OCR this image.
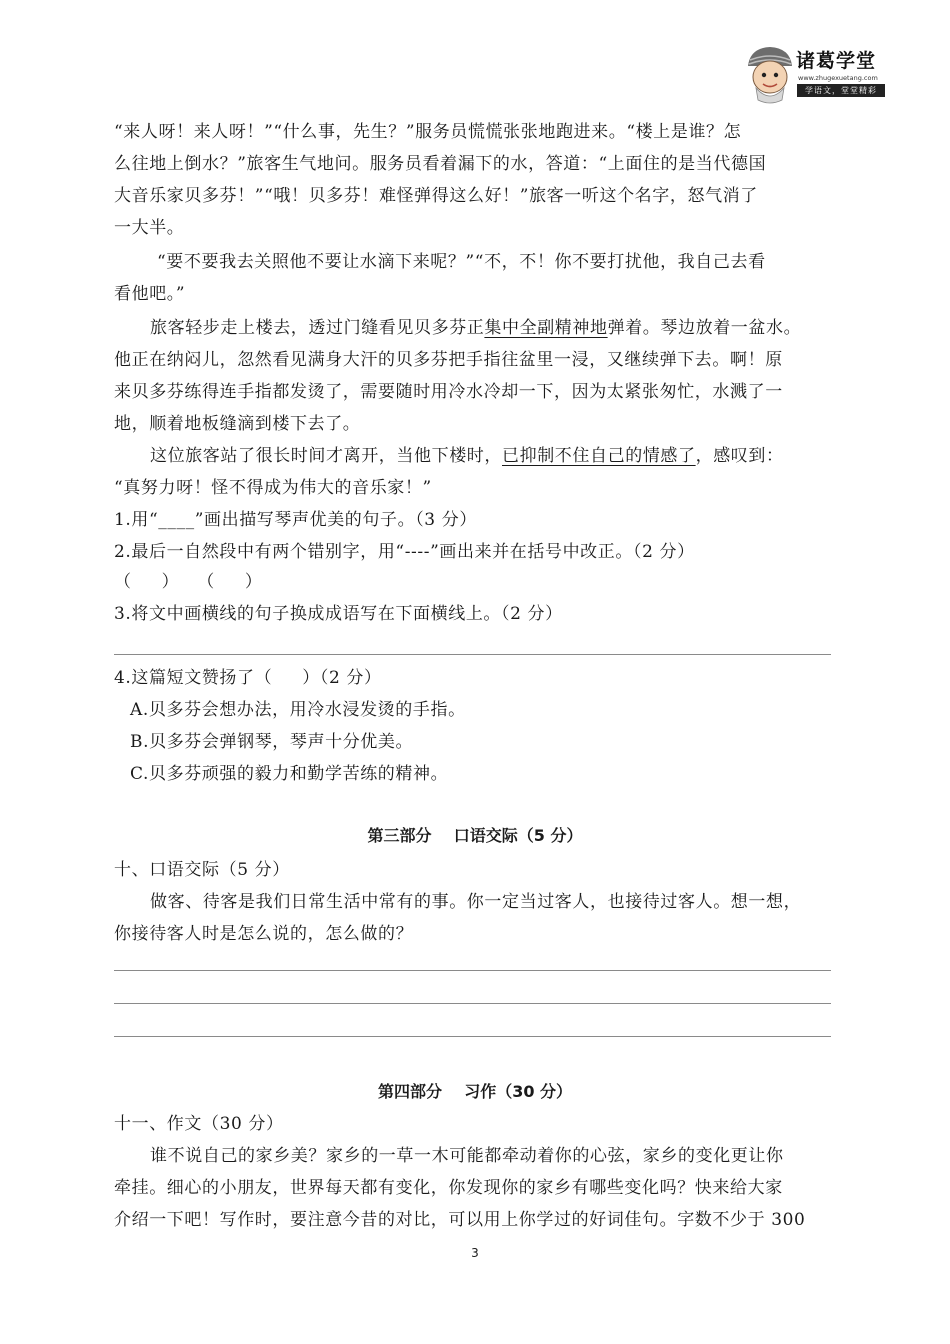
诸葛学堂
www.zhugexuetang.com
学语文，堂堂精彩
“来人呀！来人呀！”“什么事，先生？”服务员慌慌张张地跑进来。“楼上是谁？怎
么往地上倒水？”旅客生气地问。服务员看着漏下的水，答道：“上面住的是当代德国
大音乐家贝多芬！”“哦！贝多芬！难怪弹得这么好！”旅客一听这个名字，怒气消了
一大半。
“要不要我去关照他不要让水滴下来呢？”“不，不！你不要打扰他，我自己去看
看他吧。”
旅客轻步走上楼去，透过门缝看见贝多芬正集中全副精神地弹着。琴边放着一盆水。
他正在纳闷儿，忽然看见满身大汗的贝多芬把手指往盆里一浸，又继续弹下去。啊！原
来贝多芬练得连手指都发烫了，需要随时用冷水冷却一下，因为太紧张匆忙，水溅了一
地，顺着地板缝滴到楼下去了。
这位旅客站了很长时间才离开，当他下楼时，已抑制不住自己的情感了，感叹到：
“真努力呀！怪不得成为伟大的音乐家！”
1.用“____”画出描写琴声优美的句子。（3 分）
2.最后一自然段中有两个错别字，用“----”画出来并在括号中改正。（2 分）
（     ）   （     ）
3.将文中画横线的句子换成成语写在下面横线上。（2 分）
4.这篇短文赞扬了（     ）（2 分）
A.贝多芬会想办法，用冷水浸发烫的手指。
B.贝多芬会弹钢琴，琴声十分优美。
C.贝多芬顽强的毅力和勤学苦练的精神。
第三部分    口语交际（5 分）
十、口语交际（5 分）
做客、待客是我们日常生活中常有的事。你一定当过客人，也接待过客人。想一想，
你接待客人时是怎么说的，怎么做的？
第四部分    习作（30 分）
十一、作文（30 分）
谁不说自己的家乡美？家乡的一草一木可能都牵动着你的心弦，家乡的变化更让你
牵挂。细心的小朋友，世界每天都有变化，你发现你的家乡有哪些变化吗？快来给大家
介绍一下吧！写作时，要注意今昔的对比，可以用上你学过的好词佳句。字数不少于 300
3
